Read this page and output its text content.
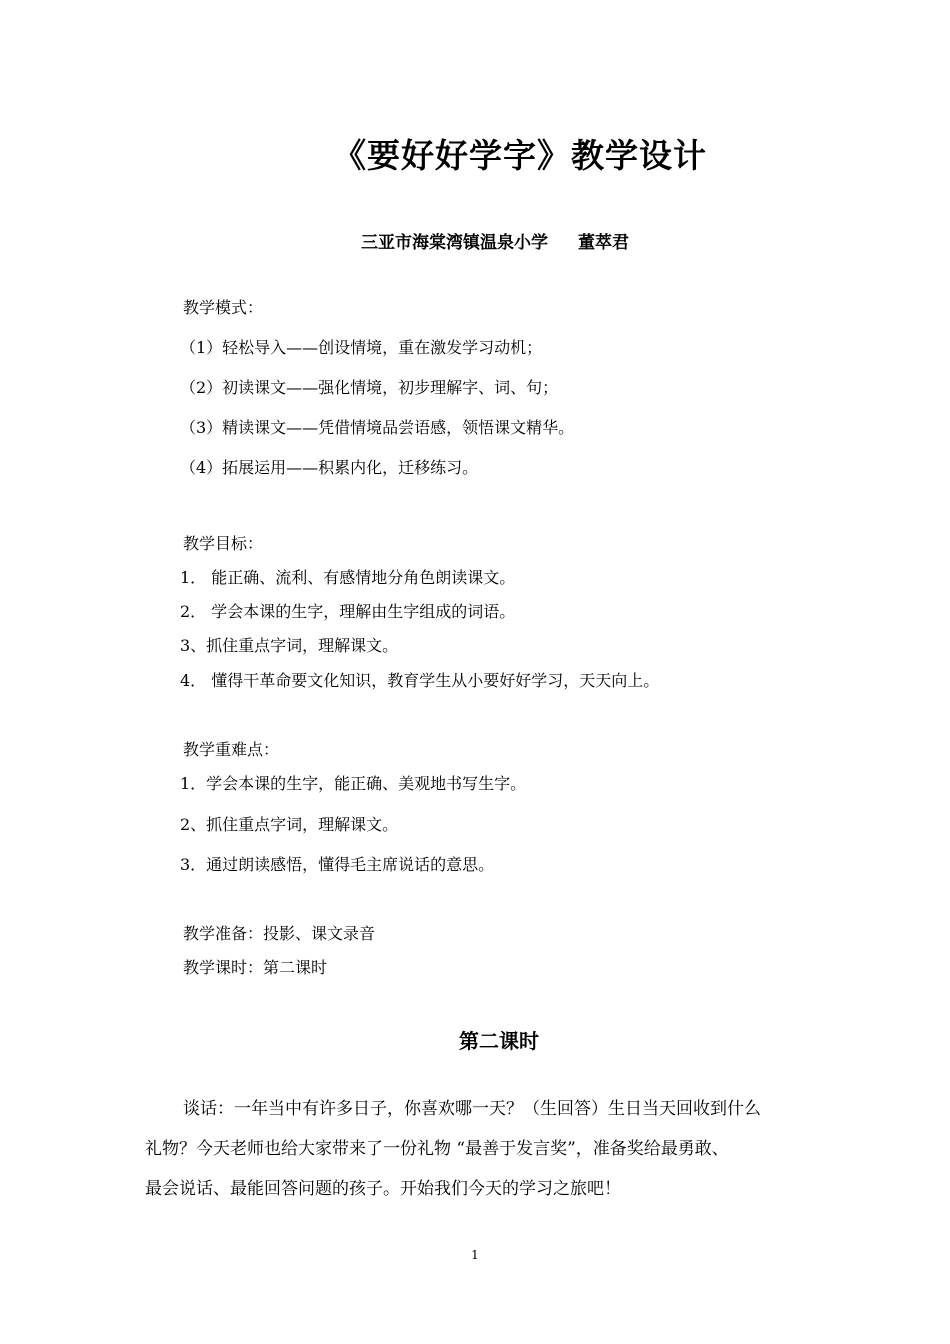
《要好好学字》教学设计
三亚市海棠湾镇温泉小学 董萃君
教学模式：
（1）轻松导入——创设情境，重在激发学习动机；
（2）初读课文——强化情境，初步理解字、词、句；
（3）精读课文——凭借情境品尝语感，领悟课文精华。
（4）拓展运用——积累内化，迁移练习。
教学目标：
1． 能正确、流利、有感情地分角色朗读课文。
2． 学会本课的生字，理解由生字组成的词语。
3、抓住重点字词，理解课文。
4． 懂得干革命要文化知识，教育学生从小要好好学习，天天向上。
教学重难点：
1．学会本课的生字，能正确、美观地书写生字。
2、抓住重点字词，理解课文。
3．通过朗读感悟，懂得毛主席说话的意思。
教学准备：投影、课文录音
教学课时：第二课时
第二课时
谈话：一年当中有许多日子，你喜欢哪一天？（生回答）生日当天回收到什么
礼物？今天老师也给大家带来了一份礼物 “最善于发言奖”，准备奖给最勇敢、
最会说话、最能回答问题的孩子。开始我们今天的学习之旅吧！
1
